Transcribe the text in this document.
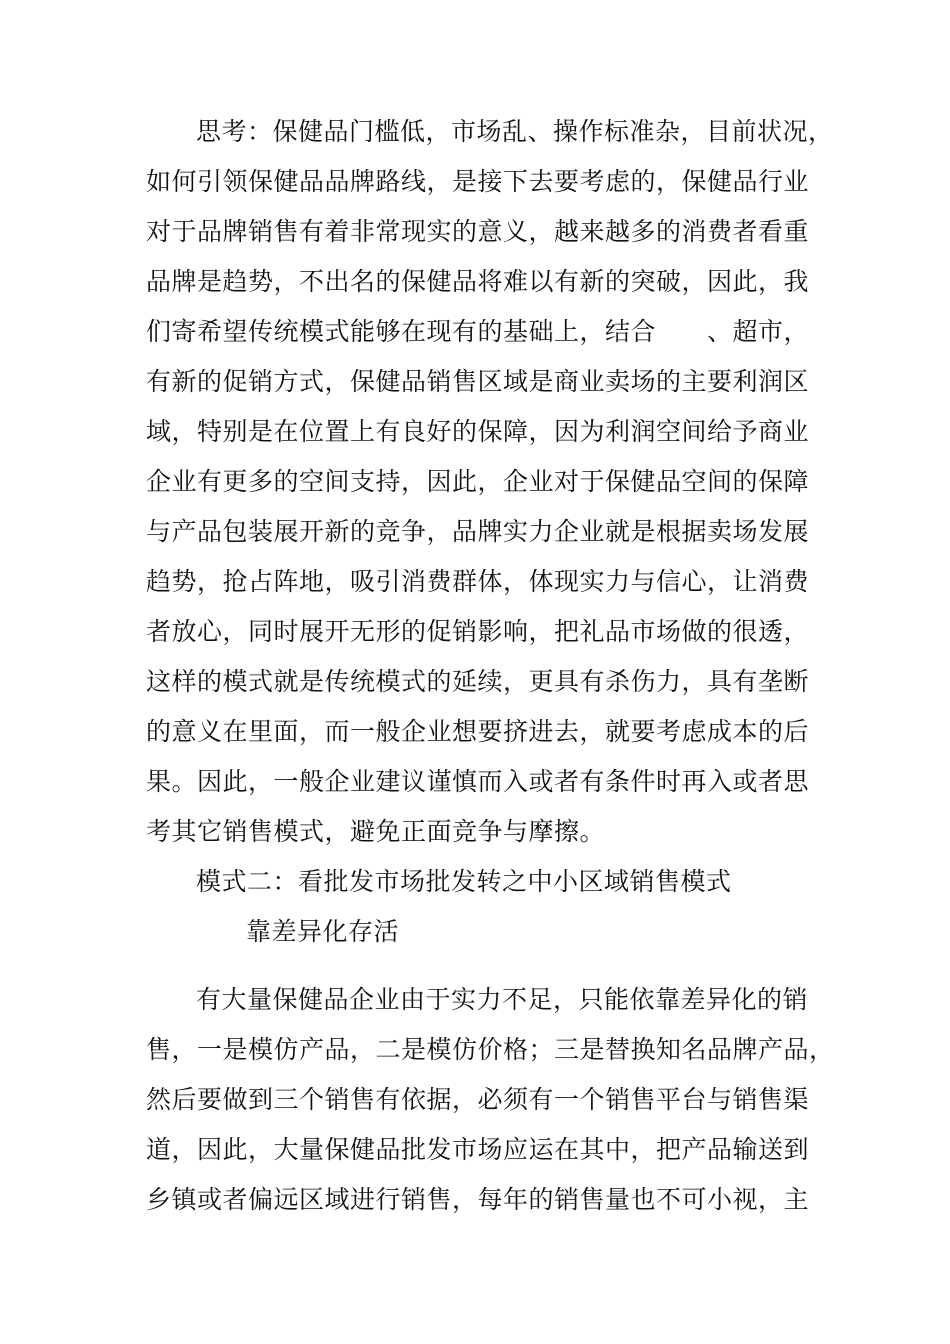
思考：保健品门槛低，市场乱、操作标准杂，目前状况，
如何引领保健品品牌路线，是接下去要考虑的，保健品行业
对于品牌销售有着非常现实的意义，越来越多的消费者看重
品牌是趋势，不出名的保健品将难以有新的突破，因此，我
们寄希望传统模式能够在现有的基础上，结合　　、超市，
有新的促销方式，保健品销售区域是商业卖场的主要利润区
域，特别是在位置上有良好的保障，因为利润空间给予商业
企业有更多的空间支持，因此，企业对于保健品空间的保障
与产品包装展开新的竞争，品牌实力企业就是根据卖场发展
趋势，抢占阵地，吸引消费群体，体现实力与信心，让消费
者放心，同时展开无形的促销影响，把礼品市场做的很透，
这样的模式就是传统模式的延续，更具有杀伤力，具有垄断
的意义在里面，而一般企业想要挤进去，就要考虑成本的后
果。因此，一般企业建议谨慎而入或者有条件时再入或者思
考其它销售模式，避免正面竞争与摩擦。
模式二：看批发市场批发转之中小区域销售模式
靠差异化存活
有大量保健品企业由于实力不足，只能依靠差异化的销
售，一是模仿产品，二是模仿价格；三是替换知名品牌产品，
然后要做到三个销售有依据，必须有一个销售平台与销售渠
道，因此，大量保健品批发市场应运在其中，把产品输送到
乡镇或者偏远区域进行销售，每年的销售量也不可小视，主
